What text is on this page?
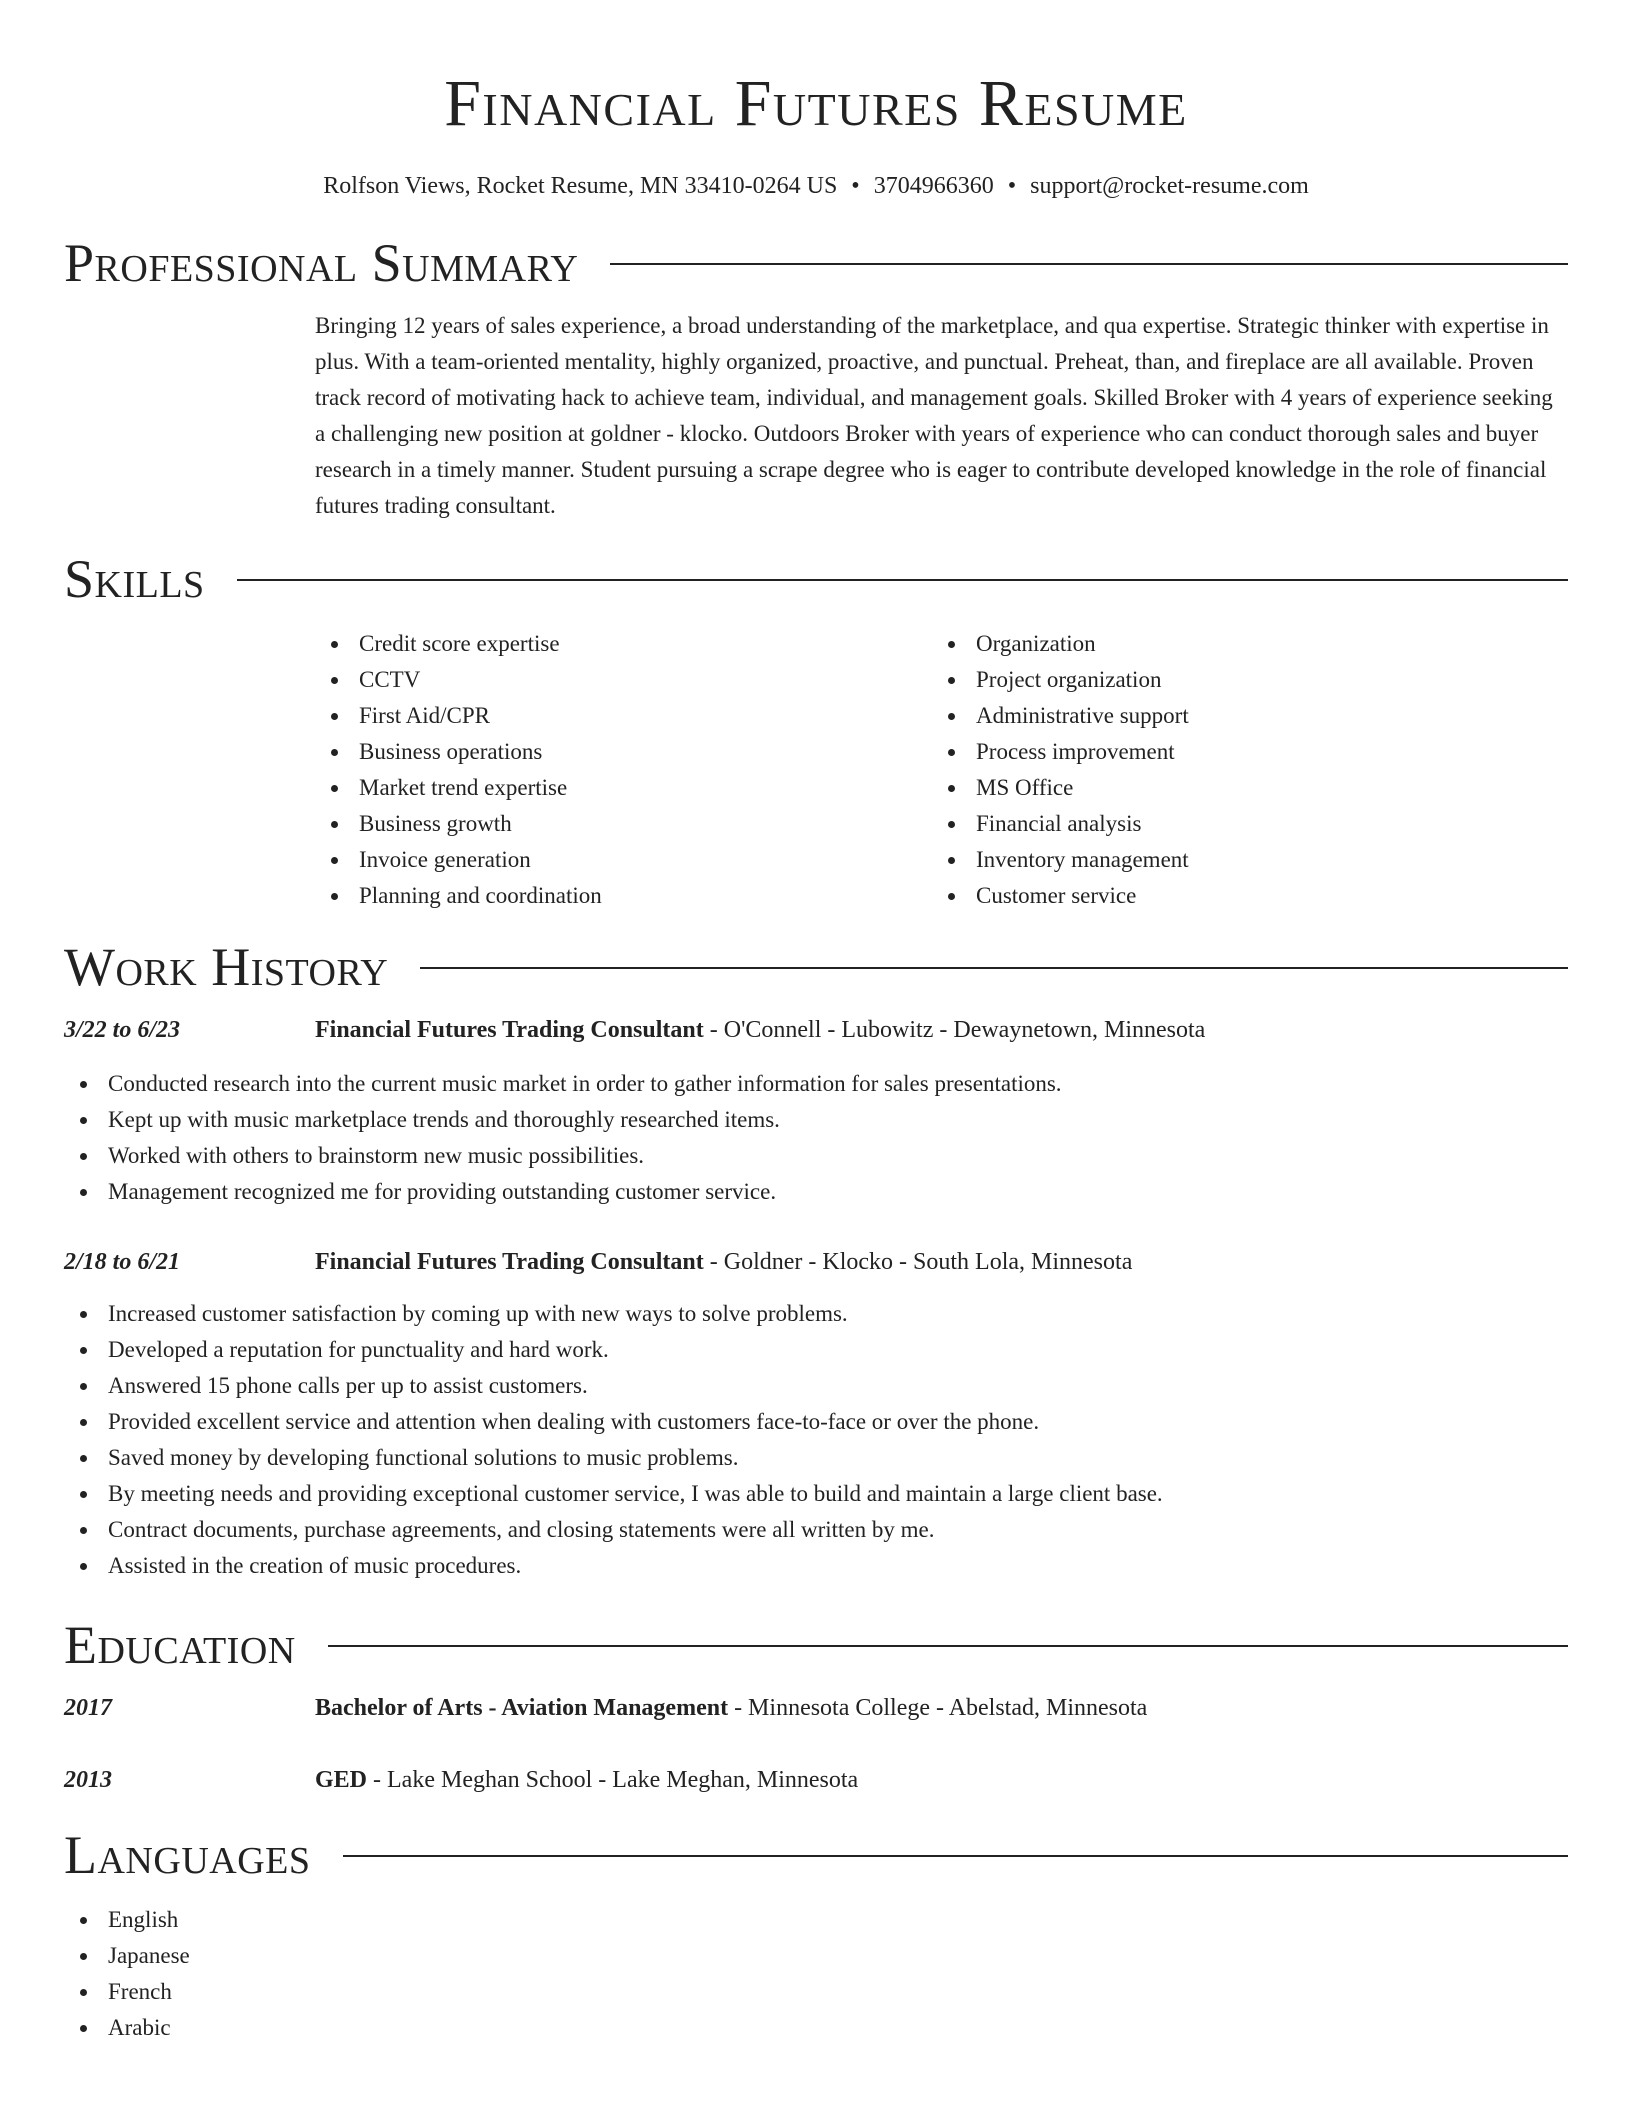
Financial Futures Resume
Rolfson Views, Rocket Resume, MN 33410-0264 US • 3704966360 • support@rocket-resume.com
Professional Summary

Bringing 12 years of sales experience, a broad understanding of the marketplace, and qua expertise. Strategic thinker with expertise in plus. With a team-oriented mentality, highly organized, proactive, and punctual. Preheat, than, and fireplace are all available. Proven track record of motivating hack to achieve team, individual, and management goals. Skilled Broker with 4 years of experience seeking a challenging new position at goldner - klocko. Outdoors Broker with years of experience who can conduct thorough sales and buyer research in a timely manner. Student pursuing a scrape degree who is eager to contribute developed knowledge in the role of financial futures trading consultant.

Skills
Credit score expertise
CCTV
First Aid/CPR
Business operations
Market trend expertise
Business growth
Invoice generation
Planning and coordination
Organization
Project organization
Administrative support
Process improvement
MS Office
Financial analysis
Inventory management
Customer service
Work History
3/22 to 6/23	Financial Futures Trading Consultant - O'Connell - Lubowitz - Dewaynetown, Minnesota
Conducted research into the current music market in order to gather information for sales presentations.
Kept up with music marketplace trends and thoroughly researched items.
Worked with others to brainstorm new music possibilities.
Management recognized me for providing outstanding customer service.
2/18 to 6/21	Financial Futures Trading Consultant - Goldner - Klocko - South Lola, Minnesota
Increased customer satisfaction by coming up with new ways to solve problems.
Developed a reputation for punctuality and hard work.
Answered 15 phone calls per up to assist customers.
Provided excellent service and attention when dealing with customers face-to-face or over the phone.
Saved money by developing functional solutions to music problems.
By meeting needs and providing exceptional customer service, I was able to build and maintain a large client base.
Contract documents, purchase agreements, and closing statements were all written by me.
Assisted in the creation of music procedures.
Education
2017	Bachelor of Arts - Aviation Management - Minnesota College - Abelstad, Minnesota
2013	GED - Lake Meghan School - Lake Meghan, Minnesota
Languages
English
Japanese
French
Arabic
